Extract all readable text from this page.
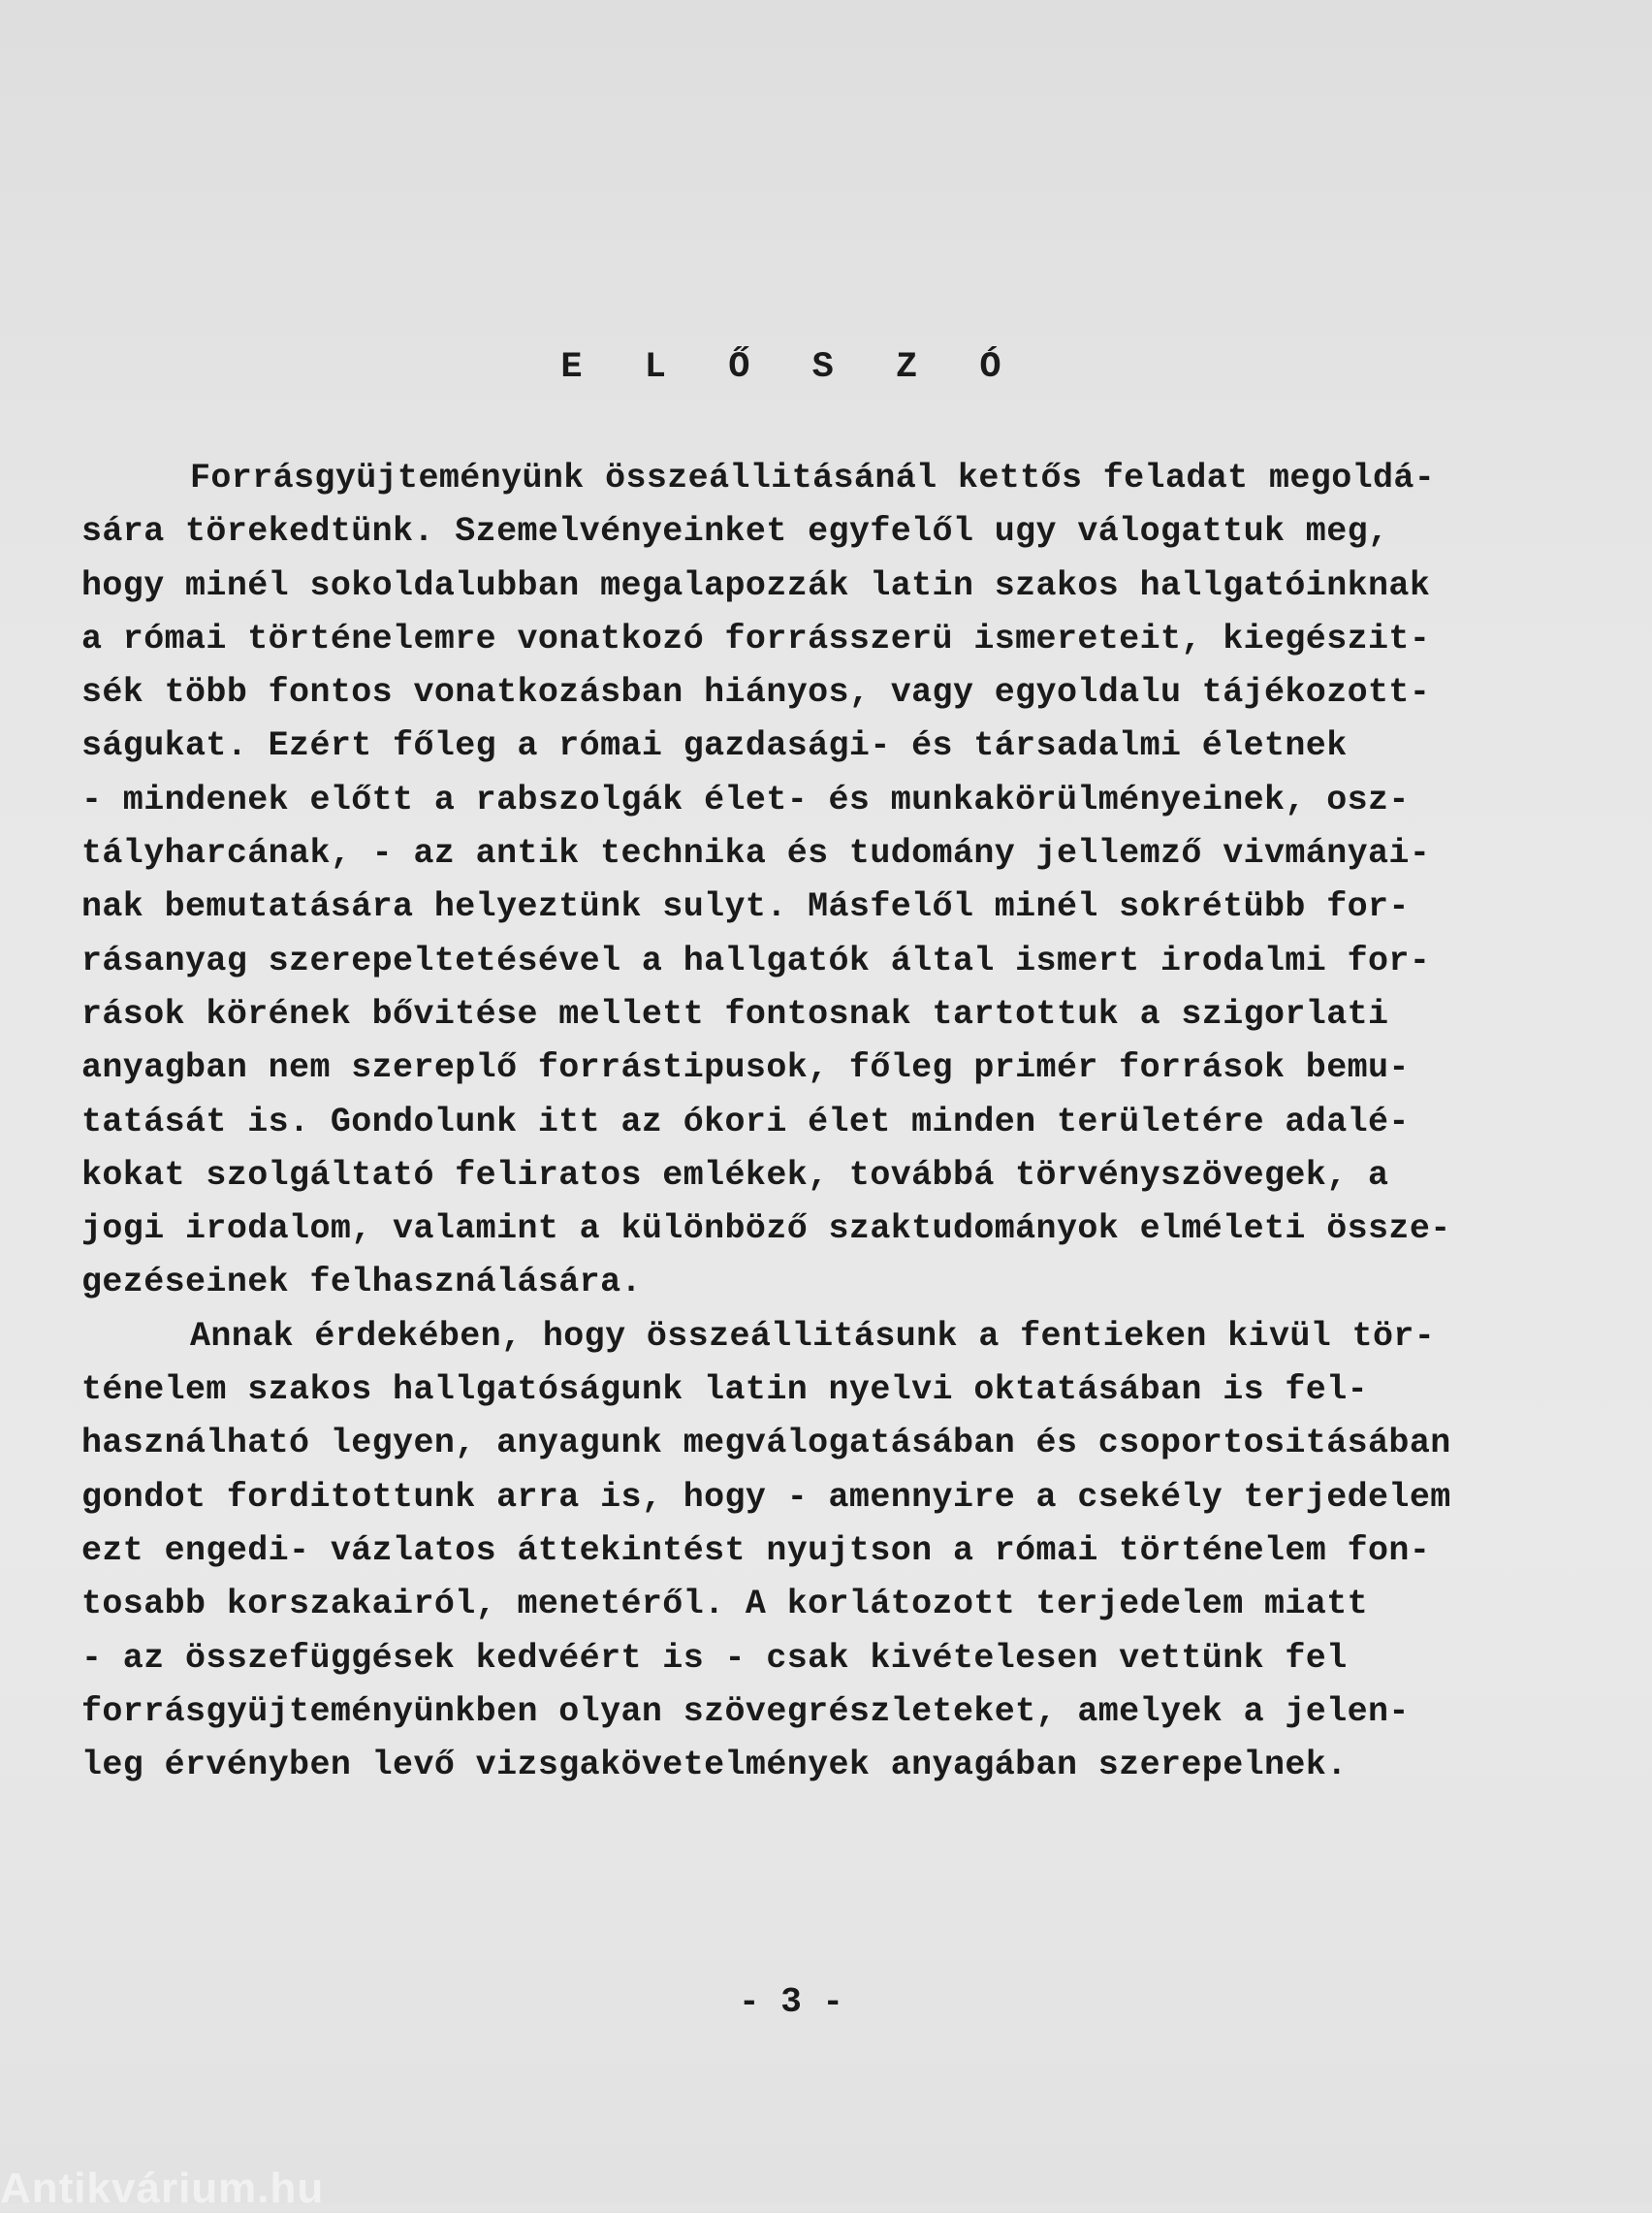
E L Ő S Z Ó
Forrásgyüjteményünk összeállitásánál kettős feladat megoldá-
sára törekedtünk. Szemelvényeinket egyfelől ugy válogattuk meg,
hogy minél sokoldalubban megalapozzák latin szakos hallgatóinknak
a római történelemre vonatkozó forrásszerü ismereteit, kiegészit-
sék több fontos vonatkozásban hiányos, vagy egyoldalu tájékozott-
ságukat. Ezért főleg a római gazdasági- és társadalmi életnek
- mindenek előtt a rabszolgák élet- és munkakörülményeinek, osz-
tályharcának, - az antik technika és tudomány jellemző vivmányai-
nak bemutatására helyeztünk sulyt. Másfelől minél sokrétübb for-
rásanyag szerepeltetésével a hallgatók által ismert irodalmi for-
rások körének bővitése mellett fontosnak tartottuk a szigorlati
anyagban nem szereplő forrástipusok, főleg primér források bemu-
tatását is. Gondolunk itt az ókori élet minden területére adalé-
kokat szolgáltató feliratos emlékek, továbbá törvényszövegek, a
jogi irodalom, valamint a különböző szaktudományok elméleti össze-
gezéseinek felhasználására.
Annak érdekében, hogy összeállitásunk a fentieken kivül tör-
ténelem szakos hallgatóságunk latin nyelvi oktatásában is fel-
használható legyen, anyagunk megválogatásában és csoportositásában
gondot forditottunk arra is, hogy - amennyire a csekély terjedelem
ezt engedi- vázlatos áttekintést nyujtson a római történelem fon-
tosabb korszakairól, menetéről. A korlátozott terjedelem miatt
- az összefüggések kedvéért is - csak kivételesen vettünk fel
forrásgyüjteményünkben olyan szövegrészleteket, amelyek a jelen-
leg érvényben levő vizsgakövetelmények anyagában szerepelnek.
- 3 -
Antikvárium.hu
